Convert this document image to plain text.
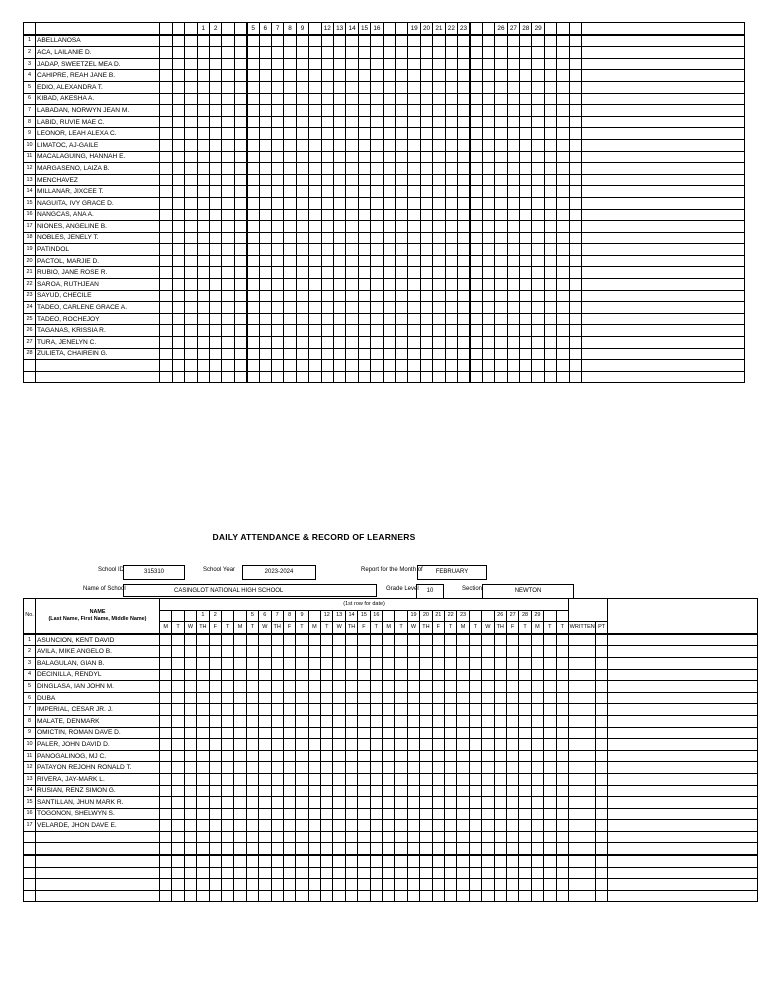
					1	2			5	6	7	8	9		12	13	14	15	16			19	20	21	22	23			26	27	28	29				
1	ABELLANOSA																																			
2	ACA, LAILANIE D.																																			
3	JADAP, SWEETZEL MEA D.																																			
4	CAHIPRE, REAH JANE B.																																			
5	EDIO, ALEXANDRA T.																																			
6	KIBAD, AKESHA A.																																			
7	LABADAN, NORWYN JEAN M.																																			
8	LABID, RUVIE MAE C.																																			
9	LEONOR, LEAH ALEXA C.																																			
10	LIMATOC, AJ-GAILE																																			
11	MACALAGUING, HANNAH E.																																			
12	MARGASENO, LAIZA B.																																			
13	MENCHAVEZ																																			
14	MILLANAR, JIXCEE T.																																			
15	NAGUITA, IVY GRACE D.																																			
16	NANGCAS, ANA A.																																			
17	NIONES, ANGELINE B.																																			
18	NOBLES, JENELY T.																																			
19	PATINDOL																																			
20	PACTOL, MARJIE D.																																			
21	RUBIO, JANE ROSE R.																																			
22	SAROA, RUTHJEAN																																			
23	SAYUD, CHECILE																																			
24	TADEO, CARLENE GRACE A.																																			
25	TADEO, ROCHEJOY																																			
26	TAGANAS, KRISSIA R.																																			
27	TURA, JENELYN C.																																			
28	ZULIETA, CHAIREIN G.																																			

DAILY ATTENDANCE & RECORD OF LEARNERS
School ID	315310	School Year	2023-2024	Report for the Month of	FEBRUARY
Name of School	CASINGLOT NATIONAL HIGH SCHOOL	Grade Level	10	Section	NEWTON
No.	NAME
(Last Name, First Name, Middle Name)	(1st row for date)																																			
					1	2			5	6	7	8	9		12	13	14	15	16			19	20	21	22	23			26	27	28	29					
		M	T	W	TH	F	T	M	T	W	TH	F	T	M	T	W	TH	F	T	M	T	W	TH	F	T	M	T	W	TH	F	T	M	T	T	WRITTEN	PT	
1	ASUNCION, KENT DAVID																																				
2	AVILA, MIKE ANGELO B.																																				
3	BALAGULAN, GIAN B.																																				
4	DECINILLA, RENDYL																																				
5	DINGLASA, IAN JOHN M.																																				
6	DUBA																																				
7	IMPERIAL, CESAR JR. J.																																				
8	MALATE, DENMARK																																				
9	OMICTIN, ROMAN DAVE D.																																				
10	PALER, JOHN DAVID D.																																				
11	PANOGALINOG, MJ C.																																				
12	PATAYON REJOHN RONALD T.																																				
13	RIVERA, JAY-MARK L.																																				
14	RUSIAN, RENZ SIMON G.																																				
15	SANTILLAN, JHUN MARK R.																																				
16	TOGONON, SHELWYN S.																																				
17	VELARDE, JHON DAVE E.																																				
